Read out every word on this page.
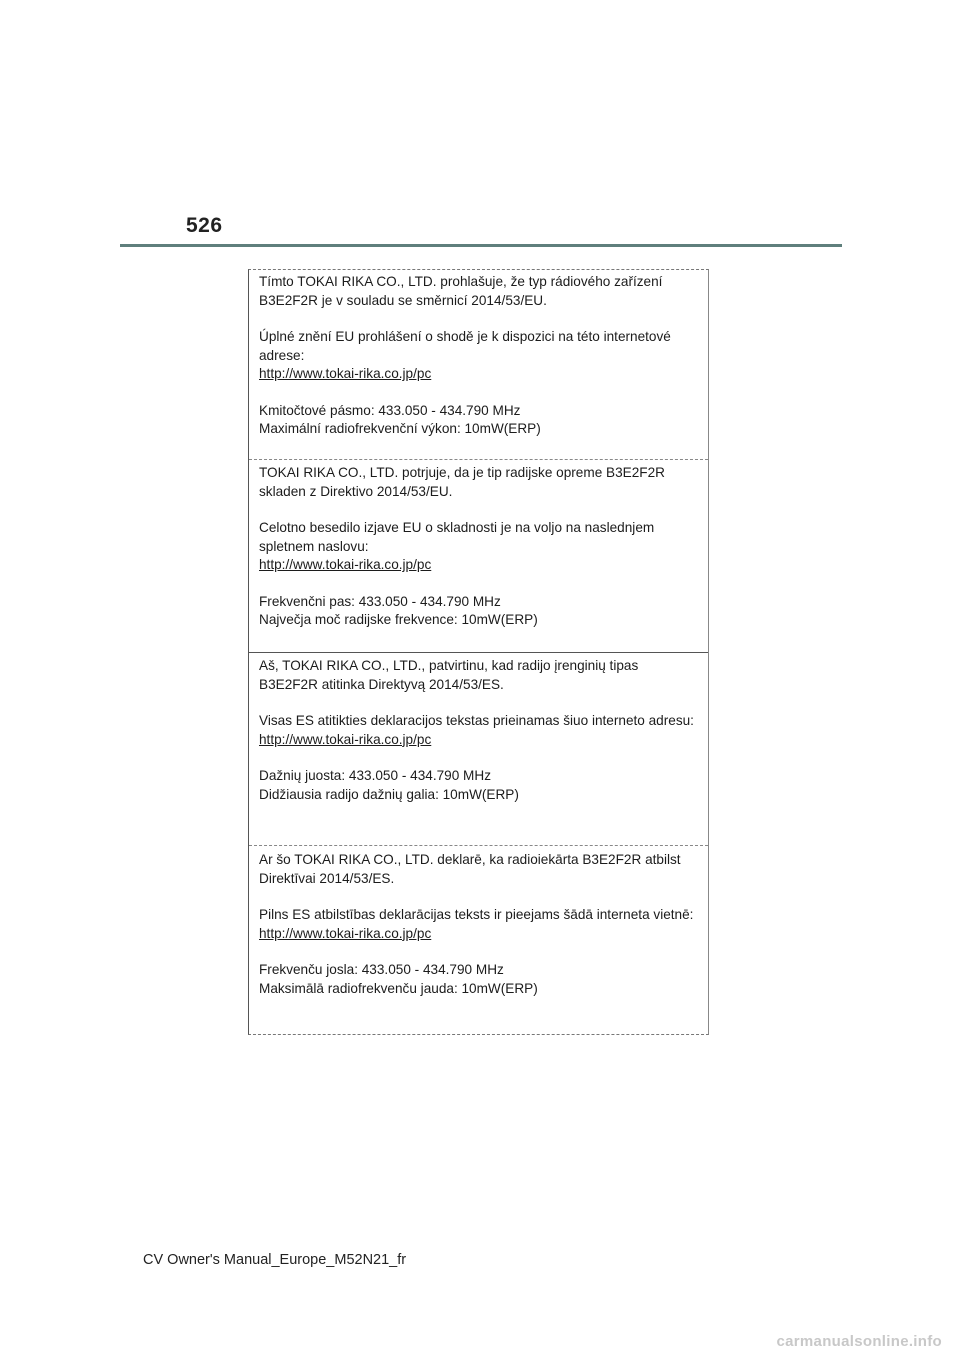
526

Tímto TOKAI RIKA CO., LTD. prohlašuje, že typ rádiového zařízení B3E2F2R je v souladu se směrnicí 2014/53/EU.

Úplné znění EU prohlášení o shodě je k dispozici na této internetové adrese:

http://www.tokai-rika.co.jp/pc

Kmitočtové pásmo: 433.050 - 434.790 MHz

Maximální radiofrekvenční výkon: 10mW(ERP)

TOKAI RIKA CO., LTD. potrjuje, da je tip radijske opreme B3E2F2R skladen z Direktivo 2014/53/EU.

Celotno besedilo izjave EU o skladnosti je na voljo na naslednjem spletnem naslovu:

http://www.tokai-rika.co.jp/pc

Frekvenčni pas: 433.050 - 434.790 MHz

Največja moč radijske frekvence: 10mW(ERP)

Aš, TOKAI RIKA CO., LTD., patvirtinu, kad radijo įrenginių tipas B3E2F2R atitinka Direktyvą 2014/53/ES.

Visas ES atitikties deklaracijos tekstas prieinamas šiuo interneto adresu:

http://www.tokai-rika.co.jp/pc

Dažnių juosta: 433.050 - 434.790 MHz

Didžiausia radijo dažnių galia: 10mW(ERP)

Ar šo TOKAI RIKA CO., LTD. deklarē, ka radioiekārta B3E2F2R atbilst Direktīvai 2014/53/ES.

Pilns ES atbilstības deklarācijas teksts ir pieejams šādā interneta vietnē:

http://www.tokai-rika.co.jp/pc

Frekvenču josla: 433.050 - 434.790 MHz

Maksimālā radiofrekvenču jauda: 10mW(ERP)

CV Owner's Manual_Europe_M52N21_fr
carmanualsonline.info
